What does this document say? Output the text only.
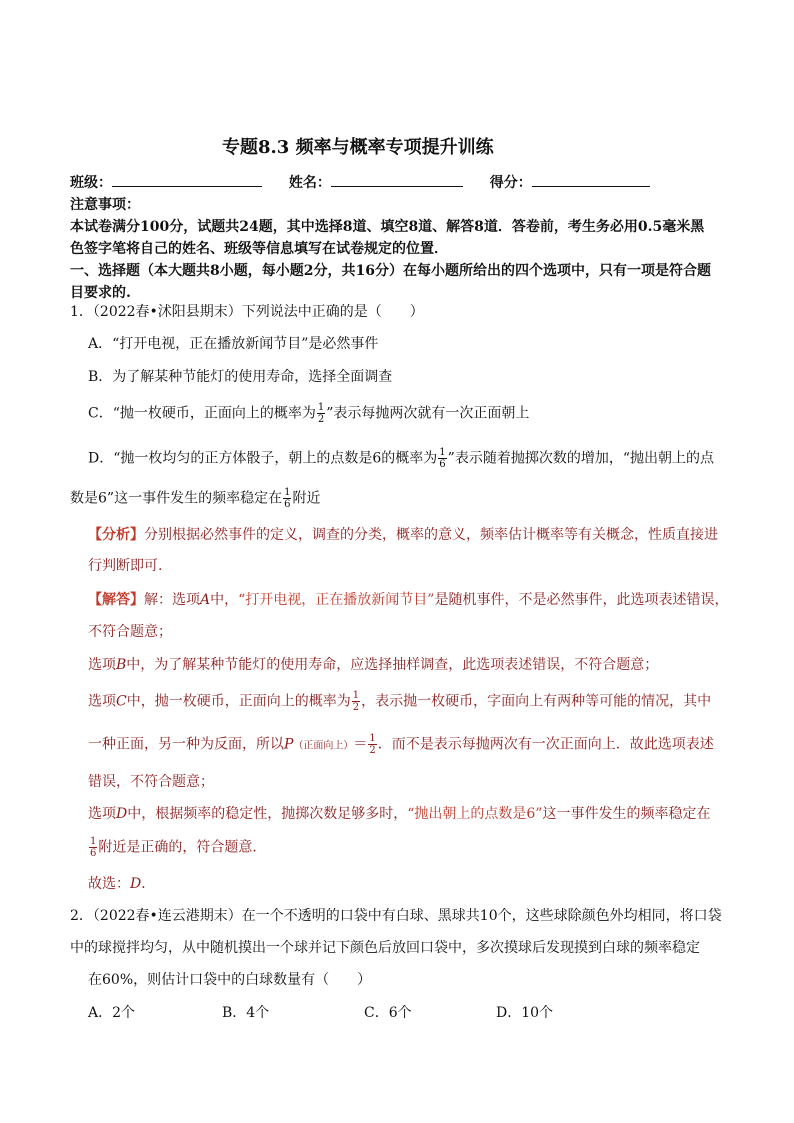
专题8.3 频率与概率专项提升训练
班级：	姓名：	得分：
注意事项：
本试卷满分100分，试题共24题，其中选择8道、填空8道、解答8道．答卷前，考生务必用0.5毫米黑
色签字笔将自己的姓名、班级等信息填写在试卷规定的位置．
一、选择题（本大题共8小题，每小题2分，共16分）在每小题所给出的四个选项中，只有一项是符合题
目要求的.
1．（2022春•沭阳县期末）下列说法中正确的是（　　）
A．“打开电视，正在播放新闻节目”是必然事件
B．为了解某种节能灯的使用寿命，选择全面调查
C．“抛一枚硬币，正面向上的概率为 $\frac{1}{2}$ ”表示每抛两次就有一次正面朝上
D．“抛一枚均匀的正方体骰子，朝上的点数是6的概率为 $\frac{1}{6}$ ”表示随着抛掷次数的增加，“抛出朝上的点
数是6”这一事件发生的频率稳定在 $\frac{1}{6}$ 附近
【分析】分别根据必然事件的定义，调查的分类，概率的意义，频率估计概率等有关概念，性质直接进
行判断即可.
【解答】解：选项A中，“打开电视，正在播放新闻节目”是随机事件，不是必然事件，此选项表述错误，
不符合题意；
选项B中，为了解某种节能灯的使用寿命，应选择抽样调查，此选项表述错误，不符合题意；
选项C中，抛一枚硬币，正面向上的概率为 $\frac{1}{2}$ ，表示抛一枚硬币，字面向上有两种等可能的情况，其中
一种正面，另一种为反面，所以P（正面向上）＝ $\frac{1}{2}$ ．而不是表示每抛两次有一次正面向上．故此选项表述
错误，不符合题意；
选项D中，根据频率的稳定性，抛掷次数足够多时，“抛出朝上的点数是6”这一事件发生的频率稳定在
$\frac{1}{6}$ 附近是正确的，符合题意．
故选：D．
2．（2022春•连云港期末）在一个不透明的口袋中有白球、黑球共10个，这些球除颜色外均相同，将口袋
中的球搅拌均匀，从中随机摸出一个球并记下颜色后放回口袋中，多次摸球后发现摸到白球的频率稳定
在60%，则估计口袋中的白球数量有（　　）
A．2个	B．4个	C．6个	D．10个
